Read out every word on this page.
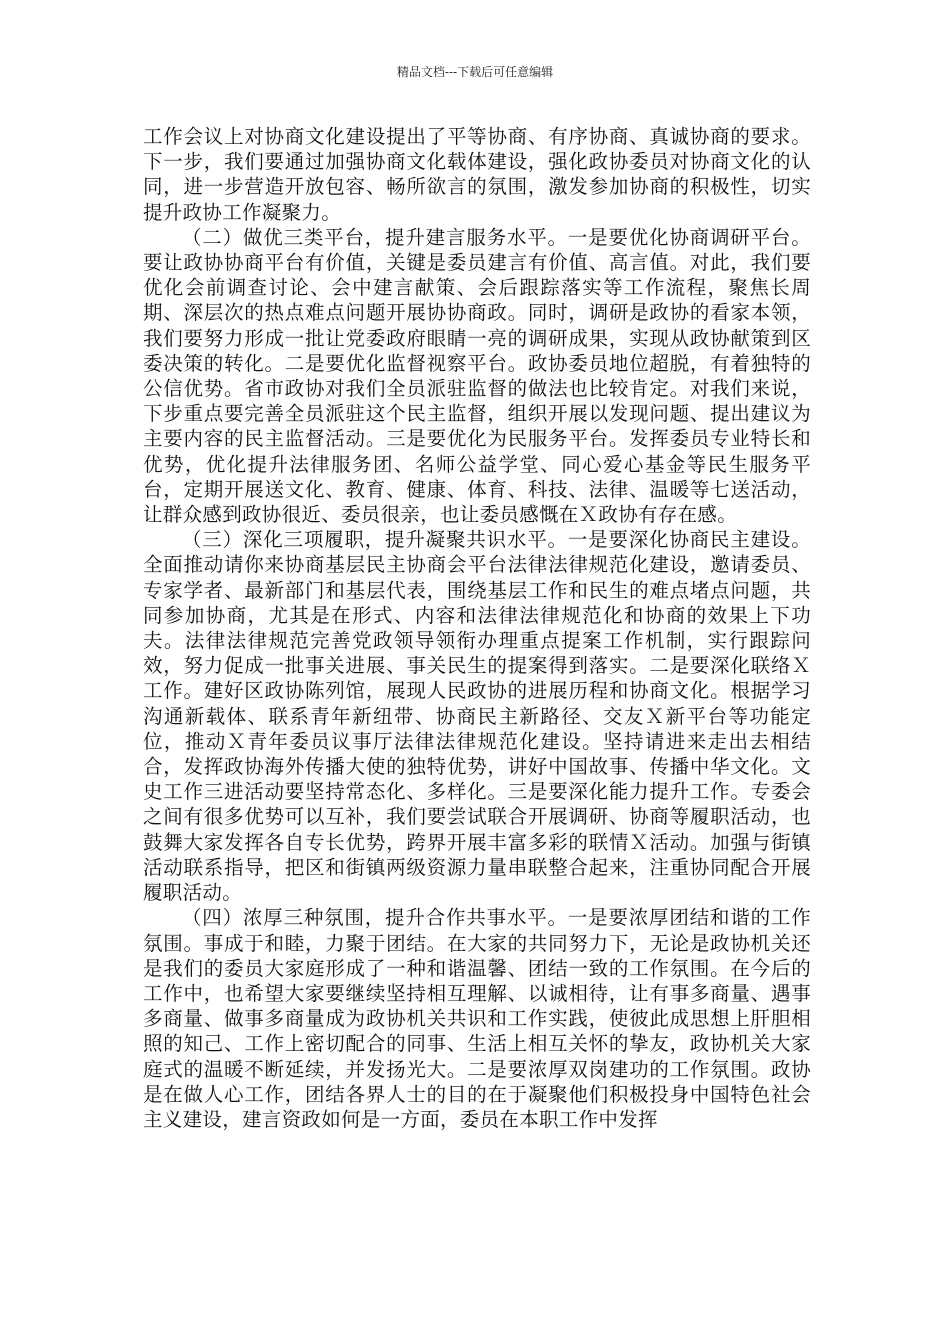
精品文档---下载后可任意编辑

工作会议上对协商文化建设提出了平等协商、有序协商、真诚协商的要求。下一步，我们要通过加强协商文化载体建设，强化政协委员对协商文化的认同，进一步营造开放包容、畅所欲言的氛围，激发参加协商的积极性，切实提升政协工作凝聚力。

（二）做优三类平台，提升建言服务水平。一是要优化协商调研平台。要让政协协商平台有价值，关键是委员建言有价值、高言值。对此，我们要优化会前调查讨论、会中建言献策、会后跟踪落实等工作流程，聚焦长周期、深层次的热点难点问题开展协协商政。同时，调研是政协的看家本领，我们要努力形成一批让党委政府眼睛一亮的调研成果，实现从政协献策到区委决策的转化。二是要优化监督视察平台。政协委员地位超脱，有着独特的公信优势。省市政协对我们全员派驻监督的做法也比较肯定。对我们来说，下步重点要完善全员派驻这个民主监督，组织开展以发现问题、提出建议为主要内容的民主监督活动。三是要优化为民服务平台。发挥委员专业特长和优势，优化提升法律服务团、名师公益学堂、同心爱心基金等民生服务平台，定期开展送文化、教育、健康、体育、科技、法律、温暖等七送活动，让群众感到政协很近、委员很亲，也让委员感慨在Ｘ政协有存在感。

（三）深化三项履职，提升凝聚共识水平。一是要深化协商民主建设。全面推动请你来协商基层民主协商会平台法律法律规范化建设，邀请委员、专家学者、最新部门和基层代表，围绕基层工作和民生的难点堵点问题，共同参加协商，尤其是在形式、内容和法律法律规范化和协商的效果上下功夫。法律法律规范完善党政领导领衔办理重点提案工作机制，实行跟踪问效，努力促成一批事关进展、事关民生的提案得到落实。二是要深化联络Ｘ工作。建好区政协陈列馆，展现人民政协的进展历程和协商文化。根据学习沟通新载体、联系青年新纽带、协商民主新路径、交友Ｘ新平台等功能定位，推动Ｘ青年委员议事厅法律法律规范化建设。坚持请进来走出去相结合，发挥政协海外传播大使的独特优势，讲好中国故事、传播中华文化。文史工作三进活动要坚持常态化、多样化。三是要深化能力提升工作。专委会之间有很多优势可以互补，我们要尝试联合开展调研、协商等履职活动，也鼓舞大家发挥各自专长优势，跨界开展丰富多彩的联情Ｘ活动。加强与街镇活动联系指导，把区和街镇两级资源力量串联整合起来，注重协同配合开展履职活动。

（四）浓厚三种氛围，提升合作共事水平。一是要浓厚团结和谐的工作氛围。事成于和睦，力聚于团结。在大家的共同努力下，无论是政协机关还是我们的委员大家庭形成了一种和谐温馨、团结一致的工作氛围。在今后的工作中，也希望大家要继续坚持相互理解、以诚相待，让有事多商量、遇事多商量、做事多商量成为政协机关共识和工作实践，使彼此成思想上肝胆相照的知己、工作上密切配合的同事、生活上相互关怀的挚友，政协机关大家庭式的温暖不断延续，并发扬光大。二是要浓厚双岗建功的工作氛围。政协是在做人心工作，团结各界人士的目的在于凝聚他们积极投身中国特色社会主义建设，建言资政如何是一方面，委员在本职工作中发挥
